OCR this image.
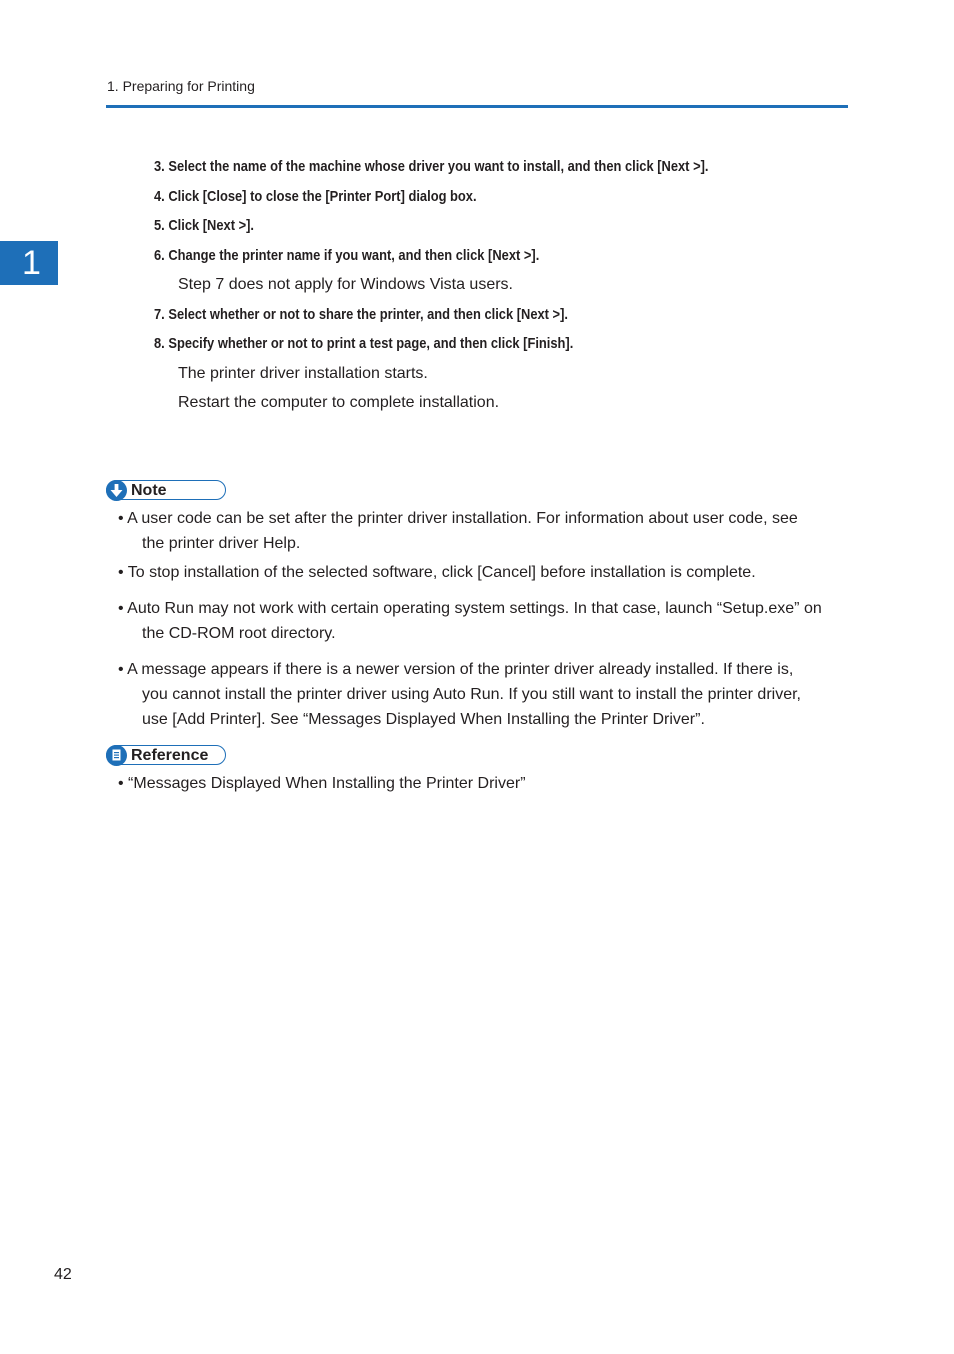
1. Preparing for Printing
1
3. Select the name of the machine whose driver you want to install, and then click [Next >].
4. Click [Close] to close the [Printer Port] dialog box.
5. Click [Next >].
6. Change the printer name if you want, and then click [Next >].
Step 7 does not apply for Windows Vista users.
7. Select whether or not to share the printer, and then click [Next >].
8. Specify whether or not to print a test page, and then click [Finish].
The printer driver installation starts.
Restart the computer to complete installation.
Note
• A user code can be set after the printer driver installation. For information about user code, see
the printer driver Help.
• To stop installation of the selected software, click [Cancel] before installation is complete.
• Auto Run may not work with certain operating system settings. In that case, launch “Setup.exe” on
the CD-ROM root directory.
• A message appears if there is a newer version of the printer driver already installed. If there is,
you cannot install the printer driver using Auto Run. If you still want to install the printer driver,
use [Add Printer]. See “Messages Displayed When Installing the Printer Driver”.
Reference
• “Messages Displayed When Installing the Printer Driver”
42
